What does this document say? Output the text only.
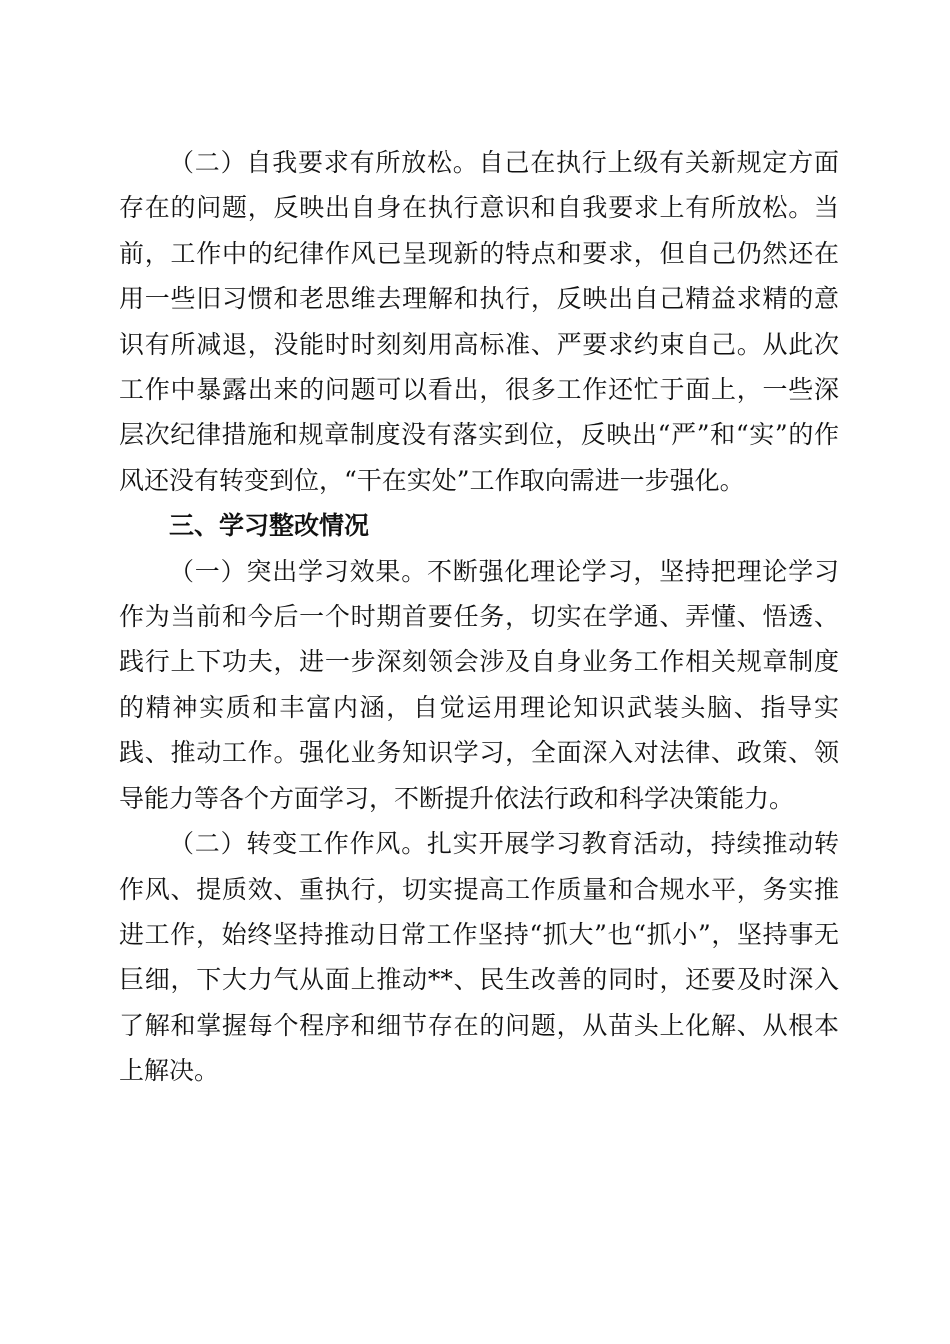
（二）自我要求有所放松。自己在执行上级有关新规定方面存在的问题，反映出自身在执行意识和自我要求上有所放松。当前，工作中的纪律作风已呈现新的特点和要求，但自己仍然还在用一些旧习惯和老思维去理解和执行，反映出自己精益求精的意识有所减退，没能时时刻刻用高标准、严要求约束自己。从此次工作中暴露出来的问题可以看出，很多工作还忙于面上，一些深层次纪律措施和规章制度没有落实到位，反映出“严”和“实”的作风还没有转变到位，“干在实处”工作取向需进一步强化。

三、学习整改情况

（一）突出学习效果。不断强化理论学习，坚持把理论学习作为当前和今后一个时期首要任务，切实在学通、弄懂、悟透、践行上下功夫，进一步深刻领会涉及自身业务工作相关规章制度的精神实质和丰富内涵，自觉运用理论知识武装头脑、指导实践、推动工作。强化业务知识学习，全面深入对法律、政策、领导能力等各个方面学习，不断提升依法行政和科学决策能力。

（二）转变工作作风。扎实开展学习教育活动，持续推动转作风、提质效、重执行，切实提高工作质量和合规水平，务实推进工作，始终坚持推动日常工作坚持“抓大”也“抓小”，坚持事无巨细，下大力气从面上推动**、民生改善的同时，还要及时深入了解和掌握每个程序和细节存在的问题，从苗头上化解、从根本上解决。
